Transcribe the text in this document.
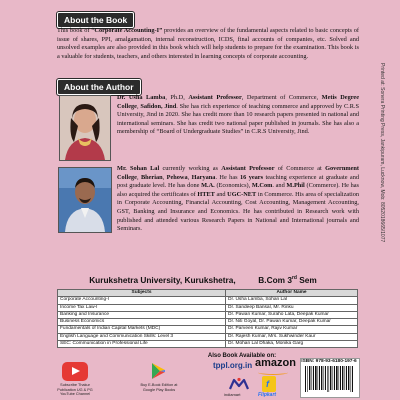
About the Book
This book of “Corporate Accounting-I” provides an overview of the fundamental aspects related to basic concepts of issue of shares, PPI, amalgamation, internal reconstruction, ICDS, final accounts of companies, etc. Solved and unsolved examples are also provided in this book which will help students to prepare for the examination. This book is a valuable for students, teachers, and others interested in learning concepts of corporate accounting.
About the Author
Dr. Usha Lamba, Ph.D, Assistant Professor, Department of Commerce, Metis Degree College, Safidon, Jind. She has rich experience of teaching commerce and approved by C.R.S University, Jind in 2020. She has credit more than 10 research papers presented in national and international seminars. She has credit two national paper published in journals. She has also a membership of “Board of Undergraduate Studies” in C.R.S University, Jind.
Mr. Sohan Lal currently working as Assistant Professor of Commerce at Government College, Bherian, Pehowa, Haryana. He has 16 years teaching experience at graduate and post graduate level. He has done M.A. (Economics), M.Com. and M.Phil (Commerce). He has also acquired the certificates of HTET and UGC-NET in Commerce. His area of specialization in Corporate Accounting, Financial Accounting, Cost Accounting, Management Accounting, GST, Banking and Insurance and Economics. He has contributed in Research work with published and attended various Research Papers in National and International journals and Seminars.	Printed at: Sonera Printing Press, Jankipuram, Lucknow, Mob: 8052018665/1077
Kurukshetra University, Kurukshetra,	B.Com 3rd Sem
Subjects	Author Name
Corporate Accounting-I	Dr. Usha Lamba, Sohan Lal
Income Tax Law-I	Dr. Sandeep Bansal, Mr. Rinku
Banking and Insurance	Dr. Pawan Kumar, Suraho Lata, Deepak Kumar
Business Economics	Dr. Niti Goyal, Dr. Pawan Kumar, Deepak Kumar
Fundamentals of Indian Capital Markets (MDC)	Dr. Parveen Kumar, Rajiv Kumar
English Language and Communication Skills: Level 3	Dr. Rajesh Kumar, Mrs. Sukhwinder Kaur
SEC: Communication in Professional Life	Dr. Mohan Lal Dhaka, Monika Garg
Subscribe Thakur Publication UG & PG YouTube Channel
Buy E-Book Edition at Google Play Books
Also Book Available on:
tppl.org.in amazon
indiamart
f
Flipkart
ISBN: 978-93-6180-197-6
